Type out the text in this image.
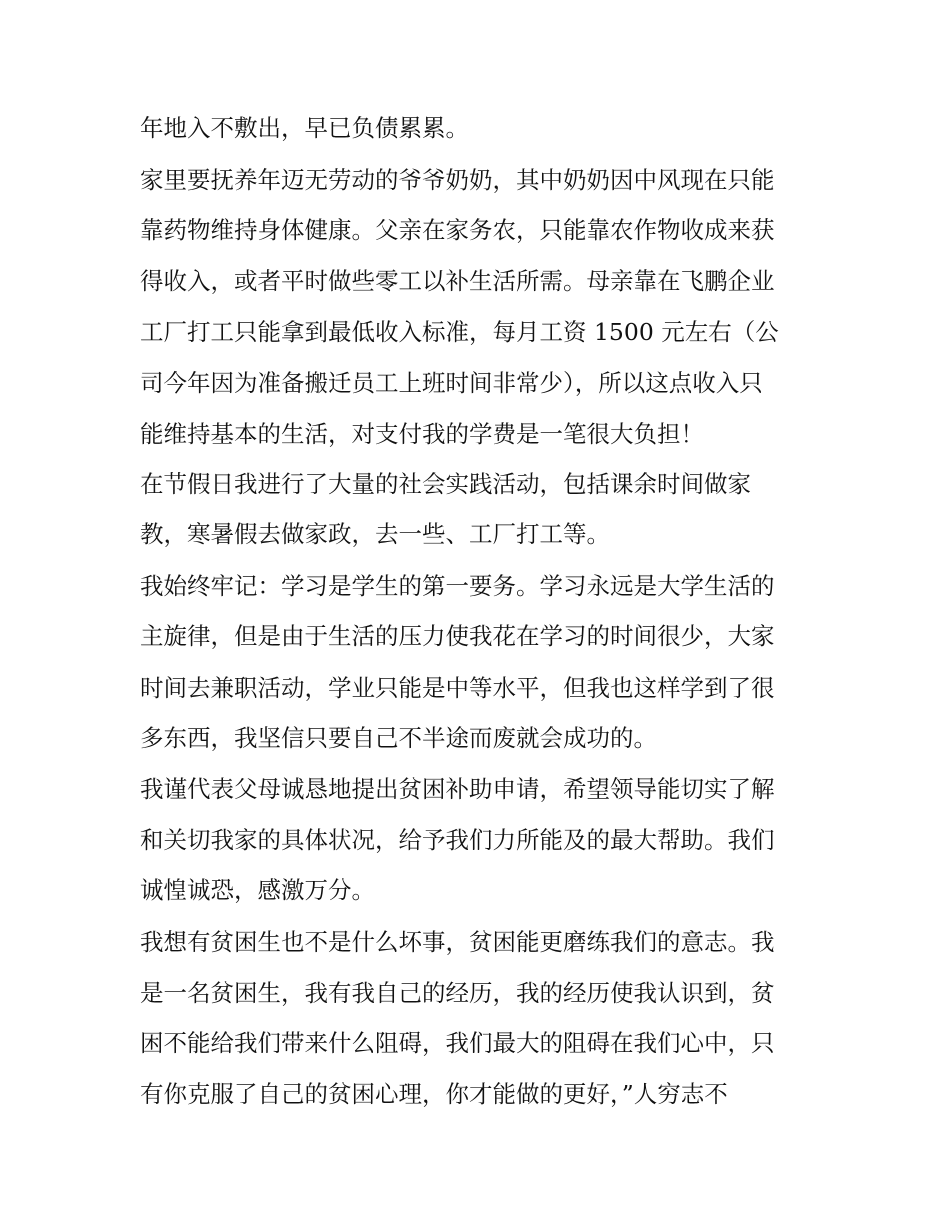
年地入不敷出，早已负债累累。
家里要抚养年迈无劳动的爷爷奶奶，其中奶奶因中风现在只能
靠药物维持身体健康。父亲在家务农，只能靠农作物收成来获
得收入，或者平时做些零工以补生活所需。母亲靠在飞鹏企业
工厂打工只能拿到最低收入标准，每月工资 1500 元左右（公
司今年因为准备搬迁员工上班时间非常少），所以这点收入只
能维持基本的生活，对支付我的学费是一笔很大负担！
在节假日我进行了大量的社会实践活动，包括课余时间做家
教，寒暑假去做家政，去一些、工厂打工等。
我始终牢记：学习是学生的第一要务。学习永远是大学生活的
主旋律，但是由于生活的压力使我花在学习的时间很少，大家
时间去兼职活动，学业只能是中等水平，但我也这样学到了很
多东西，我坚信只要自己不半途而废就会成功的。
我谨代表父母诚恳地提出贫困补助申请，希望领导能切实了解
和关切我家的具体状况，给予我们力所能及的最大帮助。我们
诚惶诚恐，感激万分。
我想有贫困生也不是什么坏事，贫困能更磨练我们的意志。我
是一名贫困生，我有我自己的经历，我的经历使我认识到，贫
困不能给我们带来什么阻碍，我们最大的阻碍在我们心中，只
有你克服了自己的贫困心理，你才能做的更好，”人穷志不
